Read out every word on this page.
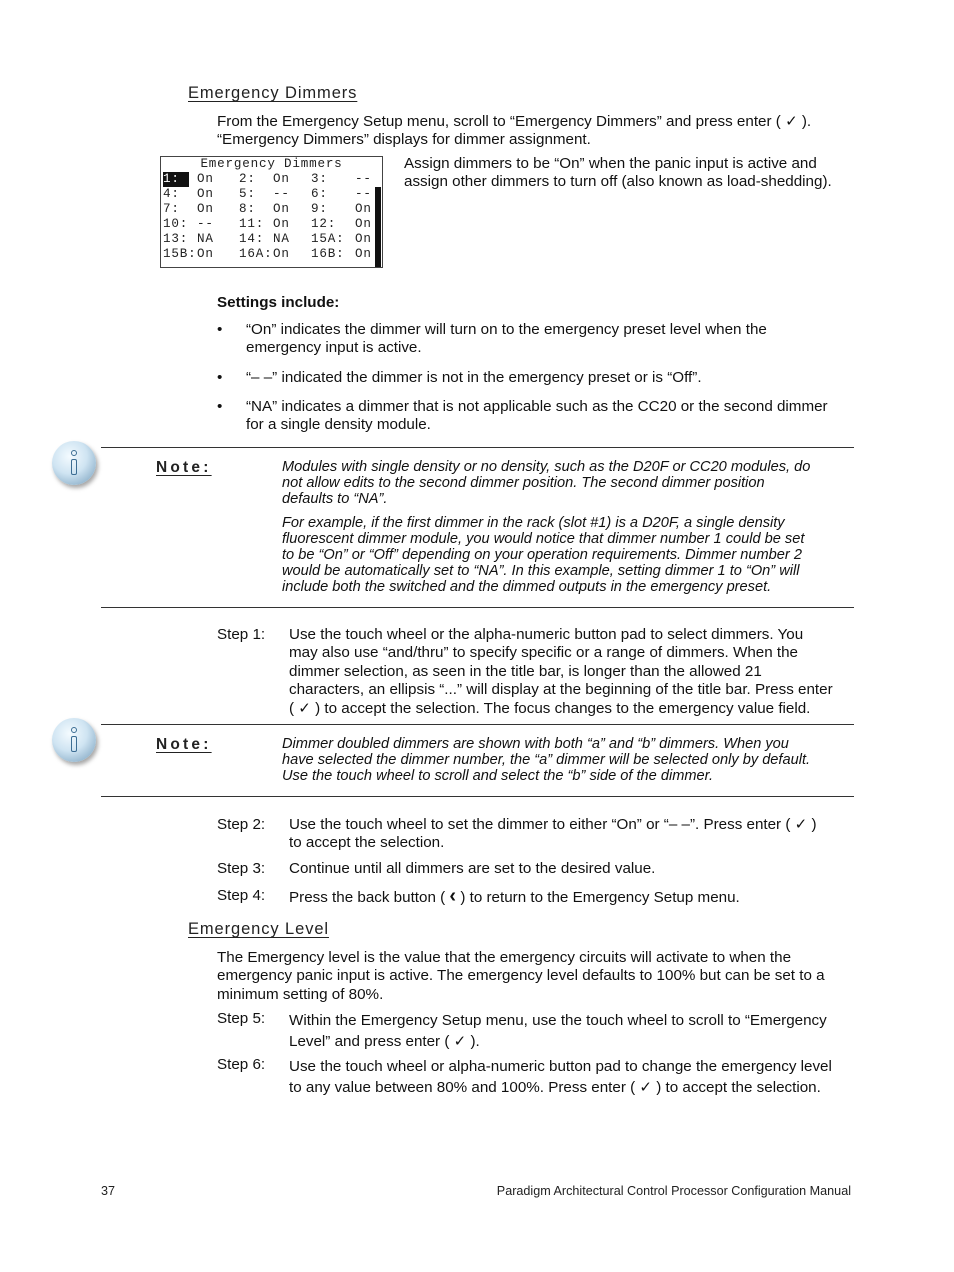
Emergency Dimmers
From the Emergency Setup menu, scroll to “Emergency Dimmers” and press enter ( ✓ ).
“Emergency Dimmers” displays for dimmer assignment.
Emergency Dimmers
1:	On 2: On 3: --
4: On 5: -- 6: --
7: On 8: On 9: On
10: -- 11: On 12: On
13: NA 14: NA 15A: On
15B: On 16A: On 16B: On
Assign dimmers to be “On” when the panic input is active and
assign other dimmers to turn off (also known as load-shedding).
Settings include:
• “On” indicates the dimmer will turn on to the emergency preset level when the
emergency input is active.
• “– –” indicated the dimmer is not in the emergency preset or is “Off”.
• “NA” indicates a dimmer that is not applicable such as the CC20 or the second dimmer
for a single density module.
Note:	Modules with single density or no density, such as the D20F or CC20 modules, do
not allow edits to the second dimmer position. The second dimmer position
defaults to “NA”.
For example, if the first dimmer in the rack (slot #1) is a D20F, a single density
fluorescent dimmer module, you would notice that dimmer number 1 could be set
to be “On” or “Off” depending on your operation requirements. Dimmer number 2
would be automatically set to “NA”. In this example, setting dimmer 1 to “On” will
include both the switched and the dimmed outputs in the emergency preset.
Step 1: Use the touch wheel or the alpha-numeric button pad to select dimmers. You
may also use “and/thru” to specify specific or a range of dimmers. When the
dimmer selection, as seen in the title bar, is longer than the allowed 21
characters, an ellipsis “...” will display at the beginning of the title bar. Press enter
( ✓ ) to accept the selection. The focus changes to the emergency value field.
Note:	Dimmer doubled dimmers are shown with both “a” and “b” dimmers. When you
have selected the dimmer number, the “a” dimmer will be selected only by default.
Use the touch wheel to scroll and select the “b” side of the dimmer.
Step 2: Use the touch wheel to set the dimmer to either “On” or “– –”. Press enter ( ✓ )
to accept the selection.
Step 3: Continue until all dimmers are set to the desired value.
Step 4: Press the back button ( ‹ ) to return to the Emergency Setup menu.
Emergency Level
The Emergency level is the value that the emergency circuits will activate to when the
emergency panic input is active. The emergency level defaults to 100% but can be set to a
minimum setting of 80%.
Step 5: Within the Emergency Setup menu, use the touch wheel to scroll to “Emergency
Level” and press enter ( ✓ ).
Step 6: Use the touch wheel or alpha-numeric button pad to change the emergency level
to any value between 80% and 100%. Press enter ( ✓ ) to accept the selection.
37	Paradigm Architectural Control Processor Configuration Manual
